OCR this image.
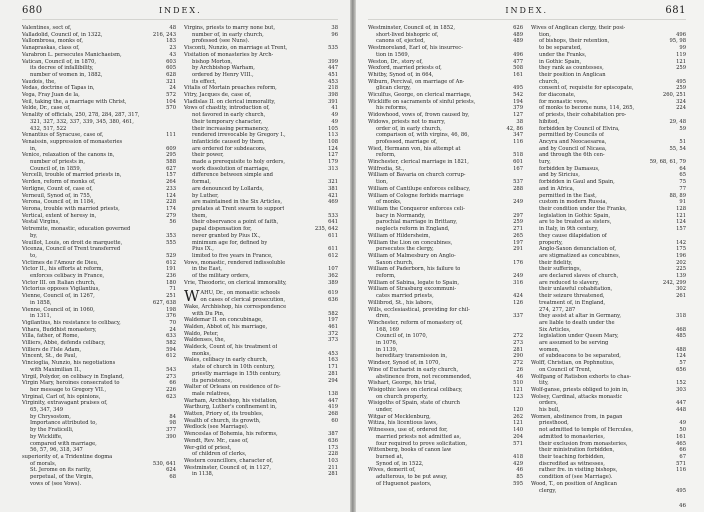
680	INDEX.
Valentines, sect of,	48
Valladolid, Council of, in 1322,	216, 243
Vallombrosa, monks of,	183
Vanapraskas, class of,	23
Varabron L. persecutes Manichaeism,	43
Vatican, Council of, in 1870,	603
its decree of infallibility,	605
number of women in, 1882,	628
Vaudois, the,	321
Vedas, doctrine of Tapas in,	24
Vega, Fray Juan de la,	572
Veil, taking the, a marriage with Christ,	104
Velde, Dr., case of,	570
Venality of officials, 250, 278, 284, 287, 317,
321, 327, 332, 337, 339, 345, 380, 461,
432, 517, 522
Venantius of Syracuse, case of,	111
Venaissin, suppression of monasteries
in,	609
Venice, relaxation of the canons in,	295
number of priests in,	588
Council of, in 1859,	627
Vercelli, trouble of married priests in,	157
Verden, reform of monks of,	264
Verligne, Count of, case of,	233
Verneuil, Synod of, in 755,	124
Verona, Council of, in 1184,	228
Verona, trouble with married priests,	174
Vertical, extent of heresy in,	279
Vestal Virgins,	56
Vetremite, monastic, education governed
by,	353
Veuillot, Louis, on droit de marquette,	555
Vicenza, Council of Trent transferred
to,	529
Victimes de l'Amour de Dieu,	612
Victor II., his efforts at reform,	191
enforces celibacy in France,	236
Victor III. on Italian church,	180
Victorius opposes Vigilantius,	71
Vienne, Council of, in 1267,	251
in 1858,	627, 638
Vienne, Council of, in 1060,	198
in 1311,	376
Vigilantius, his resistance to celibacy,	70
Vihara, Buddhist monastery,	24
Villa, father, of Rome,	633
Villiers, Abbé, defends celibacy,	582
Villiers de l'Isle Adam,	594
Vincent, St., de Paul,	612
Vincioglia, Nunzio, his negotiations
with Maximilian II.,	543
Virgil, Polydor, on celibacy in England,	273
Virgin Mary, heroines consecrated to	66
her message to Gregory VII.,	226
Virginal, Carl of, his opinions,	623
Virginity, extravagant praises of,
65, 347, 349
by Chrysostom,	84
Importance attributed to,	98
by the Fraticelli,	377
by Wickliffe,	390
compared with marriage,
56, 57, 96, 318, 347
superiority of, a Tridentine dogma
of morals,	530, 641
St. Jerome on its rarity,	624
perpetual, of the Virgin,	68
vows of (see Vows).
Virgins, priests to marry none but,	38
number of, in early church,	96
professed (see Nuns).
Visconti, Nunzio, on marriage at Trent,	535
Visitation of monasteries by Arch-
bishop Morton,	399
by Archbishop Warham,	447
ordered by Henry VIII.,	451
its effect,	453
Vitalis of Mortain preaches reform,	218
Vitry, Jacques de, case of,	398
Vladislas II. on clerical immorality,	391
Vows of chastity, introduction of,	41
not favored in early church,	49
their temporary character,	49
their increasing permanency,	105
rendered irrevocable by Gregory I.,	113
infanticide caused by them,	108
are ordered for subdeacons,	124
their power,	127
made a prerequisite to holy orders,	179
work dissolution of marriage,	313
difference between simple and
formal,	321
are denounced by Lollards,	381
by Luther,	421
are maintained in the Six Articles,	469
prelates at Trent swarm to support
them,	533
their observance a point of faith,	641
papal dispensation for,	235, 642
never granted by Pius IX.,	611
minimum age for, defined by
Pius IX.,	611
limited to five years in France,	612
Vows, monastic, rendered indissoluble
in the East,	107
of the military orders,	362
Vrie, Theodoric, on clerical immorality,	389
W AHU, Dr., on monastic schools	619
on cases of clerical prosecution,	636
Wake, Archbishop, his correspondence
with Du Pin,	582
Waldemar II. on concubinage,	197
Walden, Abbot of, his marriage,	461
Waldo, Peter,	372
Waldenses, the,	373
Waldeck, Count of, his treatment of
monks,	453
Wales, celibacy in early church,	163
state of church in 10th century,	171
priestly marriage in 15th century,	281
its persistence,	294
Walter of Orleans on residence of fe-
male relatives,	138
Warham, Archbishop, his visitation,	447
Warthurg, Luther's confinement in,	419
Watten, Priory of, its troubles,	268
Wealth of church, its growth,	60
Wedlock (see Marriage).
Wenceslas of Bohemia, his reforms,	387
Wendt, Rev. Mr., case of,	636
Wer-gild of priest,	173
of children of clerks,	228
Western councillors, character of,	103
Westminster, Council of, in 1127,	211
in 1138,	281
INDEX.	681
Westminster, Council of, in 1852,	626
short-lived bishopric of,	489
canons of, ejected,	489
Westmoreland, Earl of, his insurrec-
tion in 1569,	496
Weston, Dr., story of,	477
Wexford, married priests of,	508
Whitby, Synod of, in 664,	161
Wiburn, Percival, on marriage of An-
glican clergy,	495
Wiculfus, George, on clerical marriage,	542
Wickliffe on sacraments of sinful priests,	194
his reforms,	379
Widowhood, vows of, frown caused by,	127
Widows, priests not to marry,	38
order of, in early church,	42, 86
comparison of, with virgins, 46, 86,	347
professed, marriage of,	116
Wied, Hermann von, his attempt at
reform,	518
Winchester, clerical marriage in 1821,	601
Wilfredia, St.,	167
William of Bavaria on church corrup-
tion,	537
William of Cantilupe enforces celibacy,	288
William of Cologne forbids marriage
of monks,	249
William the Conqueror enforces celi-
bacy in Normandy,	297
parochial marriage in Brittany,	259
neglects reform in England,	271
William of Hildersheim,	265
William the Lion on concubines,	197
persecutes the clergy,	291
William of Malmesbury on Anglo-
Saxon church,	176
William of Paderborn, his failure to
reform,	249
William of Sabina, legate to Spain,	316
William of Strasburg excommuni-
cates married priests,	424
Willibrod, St., his labors,	126
Wills, ecclesiastical, providing for chil-
dren,	337
Winchester, reform of monastery of,
168, 169
Council of, in 1070,	272
in 1076,	273
in 1139,	281
hereditary transmission in,	290
Windsor, Synod of, in 1070,	272
Wine of Eucharist in early church,	26
abstinence from, not recommended,	46
Wishart, George, his trial,	510
Wisigothic laws on clerical celibacy,	121
on church property,	123
Wisigoths of Spain, state of church
under,	120
Witgar of Mecklenburg,	262
Witiza, his licentious laws,	121
Witnesses, use of, ordered for,	140
married priests not admitted as,	204
four required to prove solicitation,	571
Wittenberg, books of canon law
burned at,	418
Synod of, in 1522,	429
Wives, demerit of,	46
adulterous, to be put away,	85
of Huguenot pastors,	595
Wives of Anglican clergy, their posi-
tion,	496
of bishops, their retention,	95, 98
to be separated,	99
under the Franks,	119
in Gothic Spain,	121
they rank as countesses,	259
their position in Anglican
church,	495
consent of, requisite for episcopate,	259
for diaconate,	260, 251
for monastic vows,	324
of monks to become nuns, 114, 265,	224
of priests, their cohabitation pro-
hibited,	29, 48
forbidden by Council of Elvira,	59
permitted by Councils of
Ancyra and Neocaesarea,	51
and by Council of Nicaea,	55, 54
and through the 6th cen-
tury,	59, 68, 61, 79
forbidden by Damasus,	64
and by Siricius,	65
forbidden in Gaul and Spain,	75
and in Africa,	77
permitted in the East,	88, 89
custom in modern Russia,	91
their condition under the Franks,	128
legislation in Gothic Spain,	121
are to be treated as sisters,	124
in Italy, in 9th century,	157
they cause dilapidation of
property,	142
Anglo-Saxon denunciation of,	175
are stigmatized as concubines,	196
their fidelity,	202
their sufferings,	225
are declared slaves of church,	139
are reduced to slavery,	242, 299
their unlawful cohabitation,	302
their seizure threatened,	261
treatment of, in England,
274, 277, 287
they assist at altar in Germany,	318
are liable to death under the
Six Articles,	468
legislation under Queen Mary,	485
are assumed to be serving
women,	488
of subdeacons to be separated,	124
Wolff, Christian, on Pophnutius,	57
on Council of Trent,	656
Wolfgang of Ratisbon exhorts to chas-
tity,	152
Wolf-ganse, priests obliged to join in,	303
Wolsey, Cardinal, attacks monastic
orders,	447
his bull,	448
Women, abstinence from, in pagan
priesthood,	49
not admitted to temple of Hercules,	50
admitted to monasteries,	161
their exclusion from monasteries,	465
their ministration forbidden,	66
their teaching forbidden,	67
discredited as witnesses,	571
rather fre. in visiting bishops,	116
condition of (see Marriage).
Wood, T., on position of Anglican
clergy,	495
46
